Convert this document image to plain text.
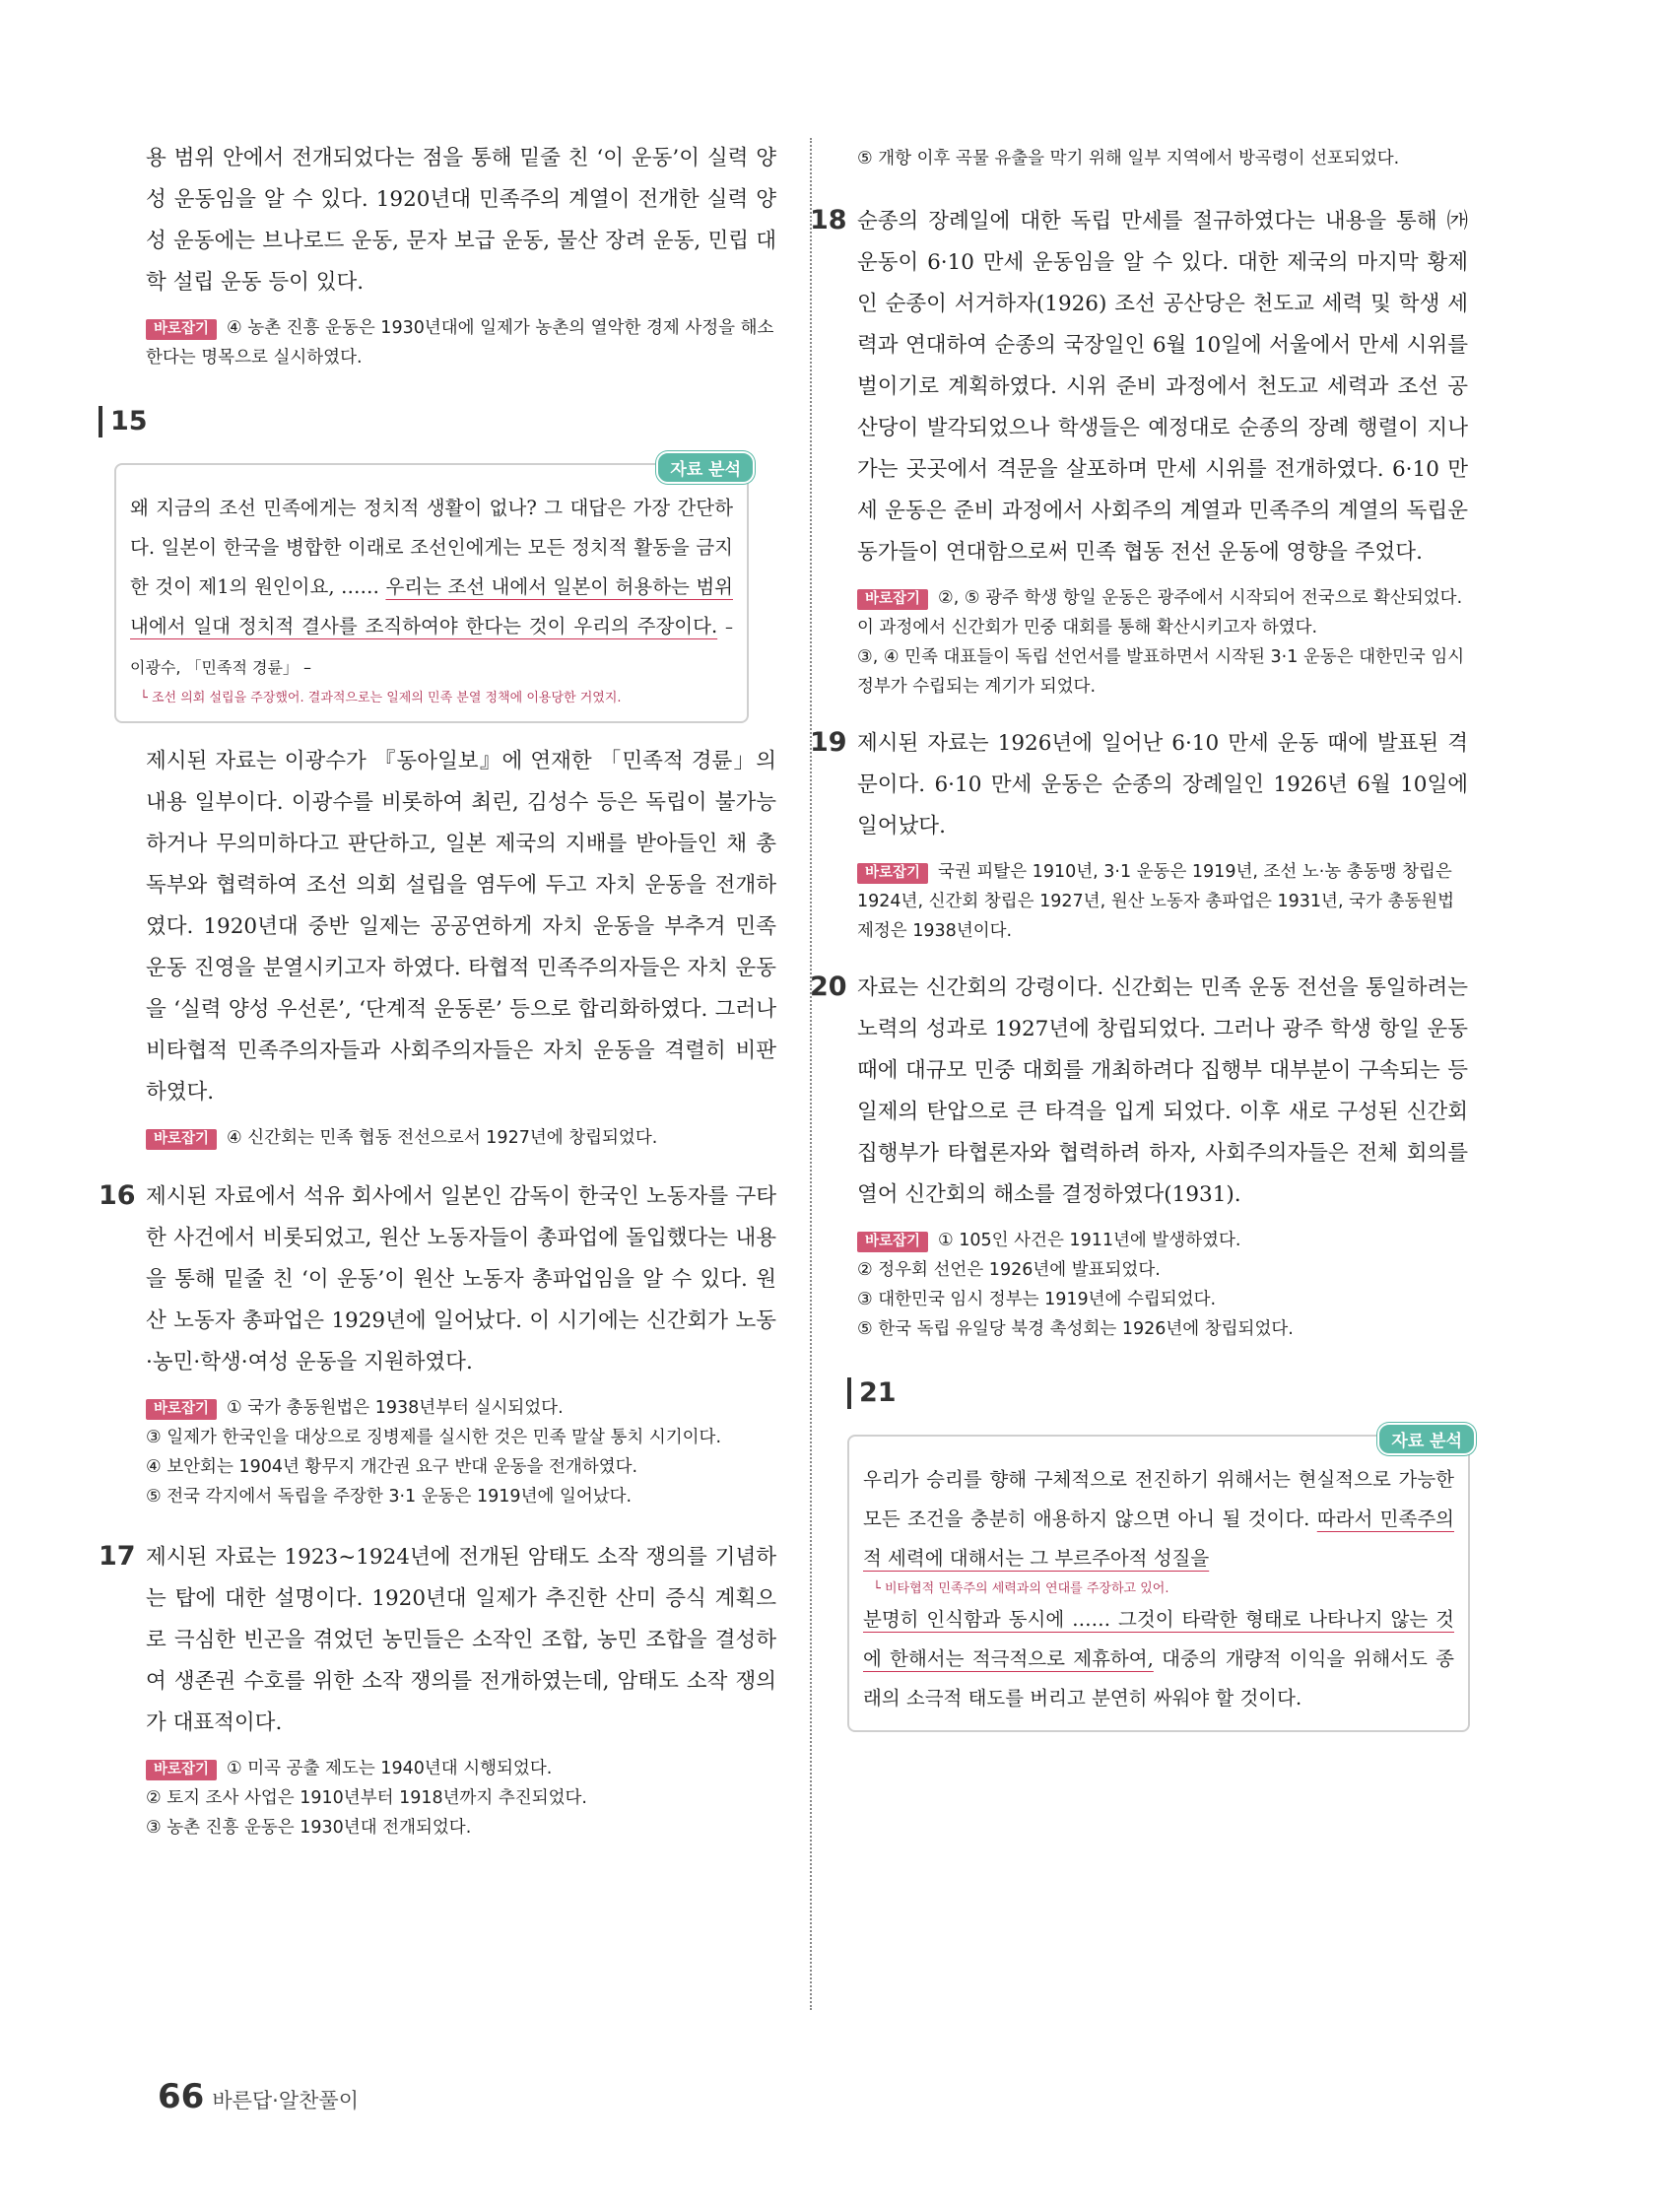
용 범위 안에서 전개되었다는 점을 통해 밑줄 친 ‘이 운동’이 실력 양성 운동임을 알 수 있다. 1920년대 민족주의 계열이 전개한 실력 양성 운동에는 브나로드 운동, 문자 보급 운동, 물산 장려 운동, 민립 대학 설립 운동 등이 있다.

바로잡기 ④ 농촌 진흥 운동은 1930년대에 일제가 농촌의 열악한 경제 사정을 해소한다는 명목으로 실시하였다.
15
자료 분석

왜 지금의 조선 민족에게는 정치적 생활이 없나? 그 대답은 가장 간단하다. 일본이 한국을 병합한 이래로 조선인에게는 모든 정치적 활동을 금지한 것이 제1의 원인이요, …… 우리는 조선 내에서 일본이 허용하는 범위 내에서 일대 정치적 결사를 조직하여야 한다는 것이 우리의 주장이다. – 이광수, 「민족적 경륜」 –

└ 조선 의회 설립을 주장했어. 결과적으로는 일제의 민족 분열 정책에 이용당한 거였지.

제시된 자료는 이광수가 『동아일보』에 연재한 「민족적 경륜」의 내용 일부이다. 이광수를 비롯하여 최린, 김성수 등은 독립이 불가능하거나 무의미하다고 판단하고, 일본 제국의 지배를 받아들인 채 총독부와 협력하여 조선 의회 설립을 염두에 두고 자치 운동을 전개하였다. 1920년대 중반 일제는 공공연하게 자치 운동을 부추겨 민족 운동 진영을 분열시키고자 하였다. 타협적 민족주의자들은 자치 운동을 ‘실력 양성 우선론’, ‘단계적 운동론’ 등으로 합리화하였다. 그러나 비타협적 민족주의자들과 사회주의자들은 자치 운동을 격렬히 비판하였다.

바로잡기 ④ 신간회는 민족 협동 전선으로서 1927년에 창립되었다.
16 제시된 자료에서 석유 회사에서 일본인 감독이 한국인 노동자를 구타한 사건에서 비롯되었고, 원산 노동자들이 총파업에 돌입했다는 내용을 통해 밑줄 친 ‘이 운동’이 원산 노동자 총파업임을 알 수 있다. 원산 노동자 총파업은 1929년에 일어났다. 이 시기에는 신간회가 노동·농민·학생·여성 운동을 지원하였다.

바로잡기 ① 국가 총동원법은 1938년부터 실시되었다.
③ 일제가 한국인을 대상으로 징병제를 실시한 것은 민족 말살 통치 시기이다.
④ 보안회는 1904년 황무지 개간권 요구 반대 운동을 전개하였다.
⑤ 전국 각지에서 독립을 주장한 3·1 운동은 1919년에 일어났다.
17 제시된 자료는 1923~1924년에 전개된 암태도 소작 쟁의를 기념하는 탑에 대한 설명이다. 1920년대 일제가 추진한 산미 증식 계획으로 극심한 빈곤을 겪었던 농민들은 소작인 조합, 농민 조합을 결성하여 생존권 수호를 위한 소작 쟁의를 전개하였는데, 암태도 소작 쟁의가 대표적이다.

바로잡기 ① 미곡 공출 제도는 1940년대 시행되었다.
② 토지 조사 사업은 1910년부터 1918년까지 추진되었다.
③ 농촌 진흥 운동은 1930년대 전개되었다.
⑤ 개항 이후 곡물 유출을 막기 위해 일부 지역에서 방곡령이 선포되었다.
18 순종의 장례일에 대한 독립 만세를 절규하였다는 내용을 통해 ㈎ 운동이 6·10 만세 운동임을 알 수 있다. 대한 제국의 마지막 황제인 순종이 서거하자(1926) 조선 공산당은 천도교 세력 및 학생 세력과 연대하여 순종의 국장일인 6월 10일에 서울에서 만세 시위를 벌이기로 계획하였다. 시위 준비 과정에서 천도교 세력과 조선 공산당이 발각되었으나 학생들은 예정대로 순종의 장례 행렬이 지나가는 곳곳에서 격문을 살포하며 만세 시위를 전개하였다. 6·10 만세 운동은 준비 과정에서 사회주의 계열과 민족주의 계열의 독립운동가들이 연대함으로써 민족 협동 전선 운동에 영향을 주었다.

바로잡기 ②, ⑤ 광주 학생 항일 운동은 광주에서 시작되어 전국으로 확산되었다. 이 과정에서 신간회가 민중 대회를 통해 확산시키고자 하였다.
③, ④ 민족 대표들이 독립 선언서를 발표하면서 시작된 3·1 운동은 대한민국 임시 정부가 수립되는 계기가 되었다.
19 제시된 자료는 1926년에 일어난 6·10 만세 운동 때에 발표된 격문이다. 6·10 만세 운동은 순종의 장례일인 1926년 6월 10일에 일어났다.

바로잡기 국권 피탈은 1910년, 3·1 운동은 1919년, 조선 노·농 총동맹 창립은 1924년, 신간회 창립은 1927년, 원산 노동자 총파업은 1931년, 국가 총동원법 제정은 1938년이다.
20 자료는 신간회의 강령이다. 신간회는 민족 운동 전선을 통일하려는 노력의 성과로 1927년에 창립되었다. 그러나 광주 학생 항일 운동 때에 대규모 민중 대회를 개최하려다 집행부 대부분이 구속되는 등 일제의 탄압으로 큰 타격을 입게 되었다. 이후 새로 구성된 신간회 집행부가 타협론자와 협력하려 하자, 사회주의자들은 전체 회의를 열어 신간회의 해소를 결정하였다(1931).

바로잡기 ① 105인 사건은 1911년에 발생하였다.
② 정우회 선언은 1926년에 발표되었다.
③ 대한민국 임시 정부는 1919년에 수립되었다.
⑤ 한국 독립 유일당 북경 촉성회는 1926년에 창립되었다.
21
자료 분석

우리가 승리를 향해 구체적으로 전진하기 위해서는 현실적으로 가능한 모든 조건을 충분히 애용하지 않으면 아니 될 것이다. 따라서 민족주의적 세력에 대해서는 그 부르주아적 성질을

└ 비타협적 민족주의 세력과의 연대를 주장하고 있어.

분명히 인식함과 동시에 …… 그것이 타락한 형태로 나타나지 않는 것에 한해서는 적극적으로 제휴하여, 대중의 개량적 이익을 위해서도 종래의 소극적 태도를 버리고 분연히 싸워야 할 것이다.

66 바른답·알찬풀이
